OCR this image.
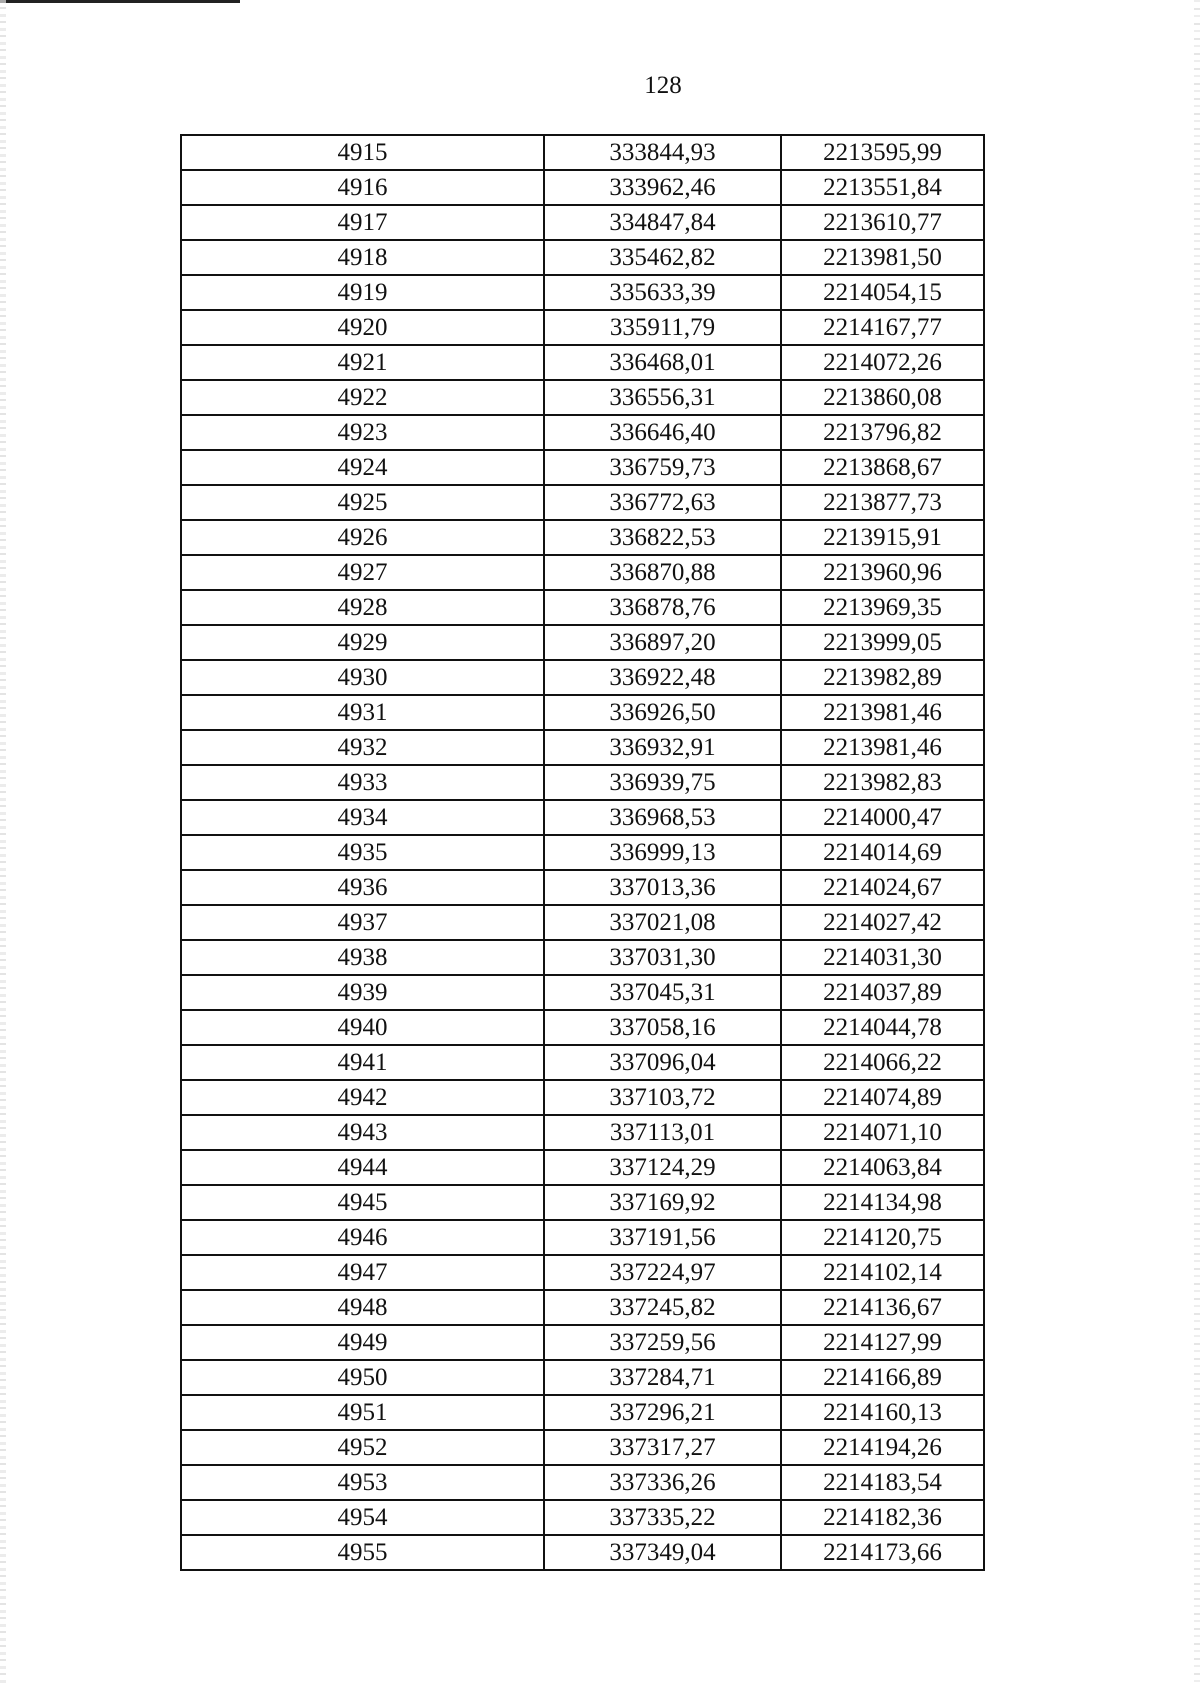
128
4915	333844,93	2213595,99
4916	333962,46	2213551,84
4917	334847,84	2213610,77
4918	335462,82	2213981,50
4919	335633,39	2214054,15
4920	335911,79	2214167,77
4921	336468,01	2214072,26
4922	336556,31	2213860,08
4923	336646,40	2213796,82
4924	336759,73	2213868,67
4925	336772,63	2213877,73
4926	336822,53	2213915,91
4927	336870,88	2213960,96
4928	336878,76	2213969,35
4929	336897,20	2213999,05
4930	336922,48	2213982,89
4931	336926,50	2213981,46
4932	336932,91	2213981,46
4933	336939,75	2213982,83
4934	336968,53	2214000,47
4935	336999,13	2214014,69
4936	337013,36	2214024,67
4937	337021,08	2214027,42
4938	337031,30	2214031,30
4939	337045,31	2214037,89
4940	337058,16	2214044,78
4941	337096,04	2214066,22
4942	337103,72	2214074,89
4943	337113,01	2214071,10
4944	337124,29	2214063,84
4945	337169,92	2214134,98
4946	337191,56	2214120,75
4947	337224,97	2214102,14
4948	337245,82	2214136,67
4949	337259,56	2214127,99
4950	337284,71	2214166,89
4951	337296,21	2214160,13
4952	337317,27	2214194,26
4953	337336,26	2214183,54
4954	337335,22	2214182,36
4955	337349,04	2214173,66
